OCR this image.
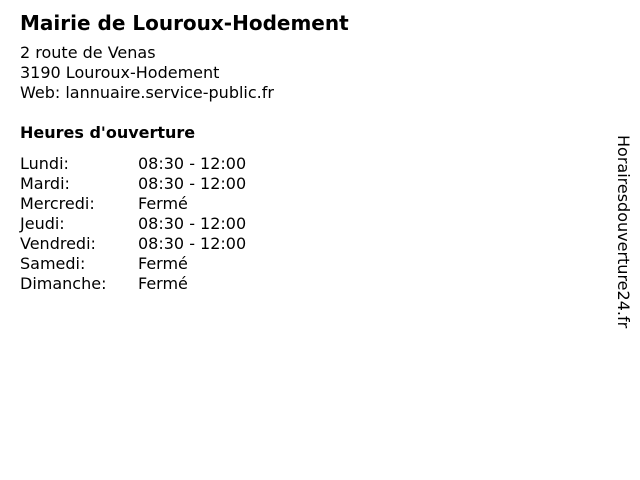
Mairie de Louroux-Hodement
2 route de Venas
3190 Louroux-Hodement
Web: lannuaire.service-public.fr
Heures d'ouverture
Lundi:	08:30 - 12:00
Mardi:	08:30 - 12:00
Mercredi:	Fermé
Jeudi:	08:30 - 12:00
Vendredi:	08:30 - 12:00
Samedi:	Fermé
Dimanche:	Fermé	Horairesdouverture24.fr
